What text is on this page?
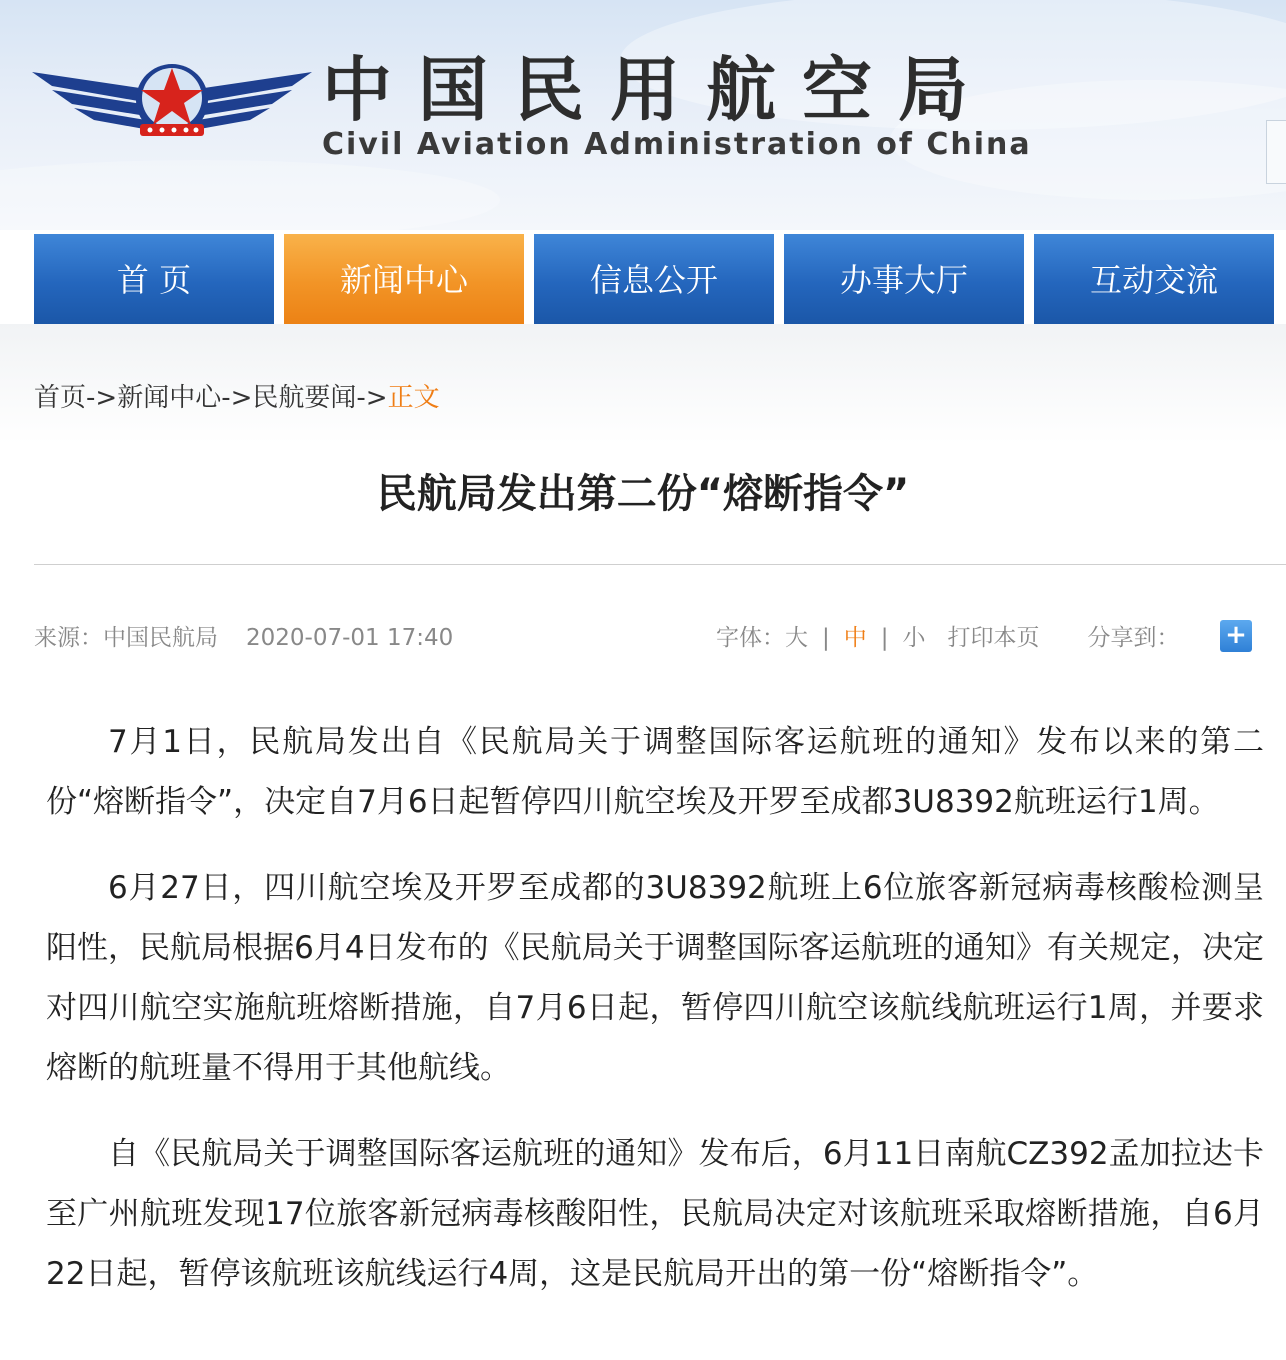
中国民用航空局
Civil Aviation Administration of China
首 页	新闻中心	信息公开	办事大厅	互动交流
首页->新闻中心->民航要闻->正文
民航局发出第二份“熔断指令”
来源：中国民航局 2020-07-01 17:40	字体：大 | 中 | 小 打印本页 分享到： +

7月1日，民航局发出自《民航局关于调整国际客运航班的通知》发布以来的第二份“熔断指令”，决定自7月6日起暂停四川航空埃及开罗至成都3U8392航班运行1周。

6月27日，四川航空埃及开罗至成都的3U8392航班上6位旅客新冠病毒核酸检测呈阳性，民航局根据6月4日发布的《民航局关于调整国际客运航班的通知》有关规定，决定对四川航空实施航班熔断措施，自7月6日起，暂停四川航空该航线航班运行1周，并要求熔断的航班量不得用于其他航线。

自《民航局关于调整国际客运航班的通知》发布后，6月11日南航CZ392孟加拉达卡至广州航班发现17位旅客新冠病毒核酸阳性，民航局决定对该航班采取熔断措施，自6月22日起，暂停该航班该航线运行4周，这是民航局开出的第一份“熔断指令”。
